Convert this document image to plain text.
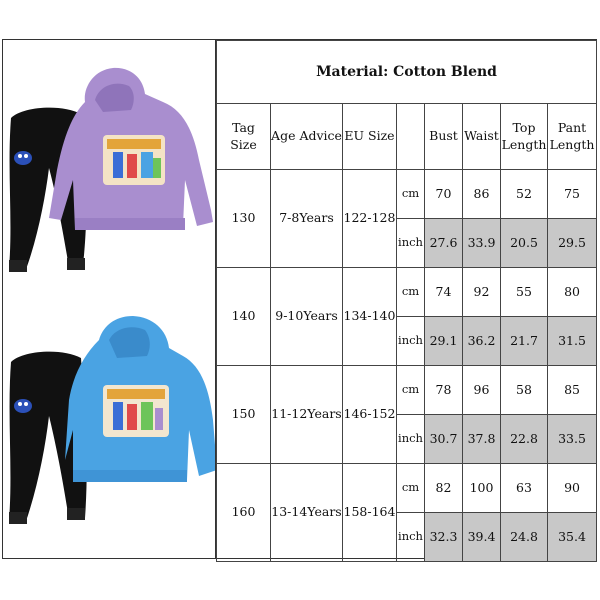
Material: Cotton Blend							
Tag Size	Age Advice	EU Size		Bust	Waist	Top Length	Pant Length
130	7-8Years	122-128	cm	70	86	52	75
			inch	27.6	33.9	20.5	29.5
140	9-10Years	134-140	cm	74	92	55	80
			inch	29.1	36.2	21.7	31.5
150	11-12Years	146-152	cm	78	96	58	85
			inch	30.7	37.8	22.8	33.5
160	13-14Years	158-164	cm	82	100	63	90
			inch	32.3	39.4	24.8	35.4
